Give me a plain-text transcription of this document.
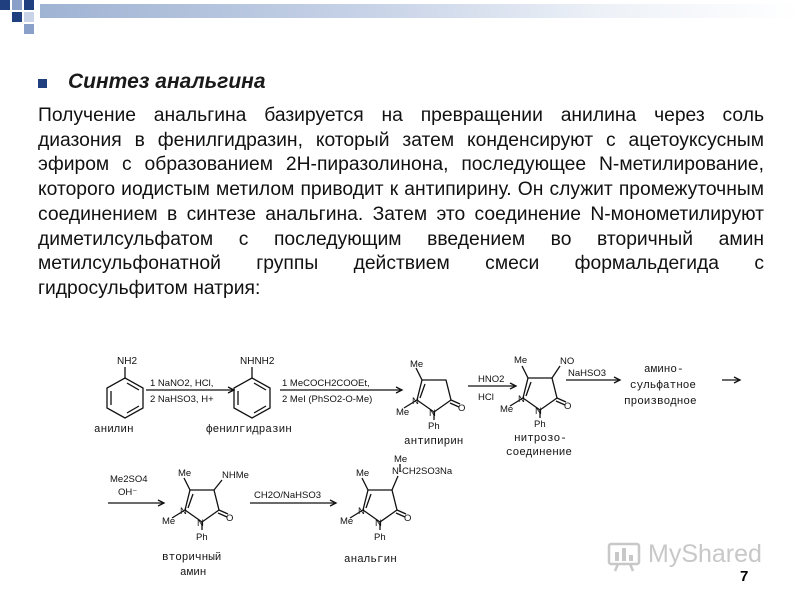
Синтез анальгина
Получение анальгина базируется на превращении анилина через соль диазония в фенилгидразин, который затем конденсируют с ацетоуксусным эфиром с образованием 2Н-пиразолинона, последующее N-метилирование, которого иодистым метилом приводит к антипирину. Он служит промежуточным соединением в синтезе анальгина. Затем это соединение N-монометилируют диметилсульфатом с последующим введением во вторичный амин метилсульфонатной группы действием смеси формальдегида с гидросульфитом натрия:
NH2
анилин
1 NaNO2, HCl,
2 NaHSO3, H+
NHNH2
фенилгидразин
1 MeCOCH2COOEt,
2 MeI (PhSO2-O-Me)
Me
N
N
Me
Ph
O
антипирин
HNO2
HCl
Me	NO
N
N
Me
Ph
O
нитрозо-
соединение
NaHSO3	амино-
сульфатное
производное
Me2SO4
OH⁻
Me	NHMe
N
N
Me
Ph
O
вторичный
амин
CH2O/NaHSO3
Me
N-CH2SO3Na
Me
N
N
Me
Ph
O
анальгин	MyShared
7
